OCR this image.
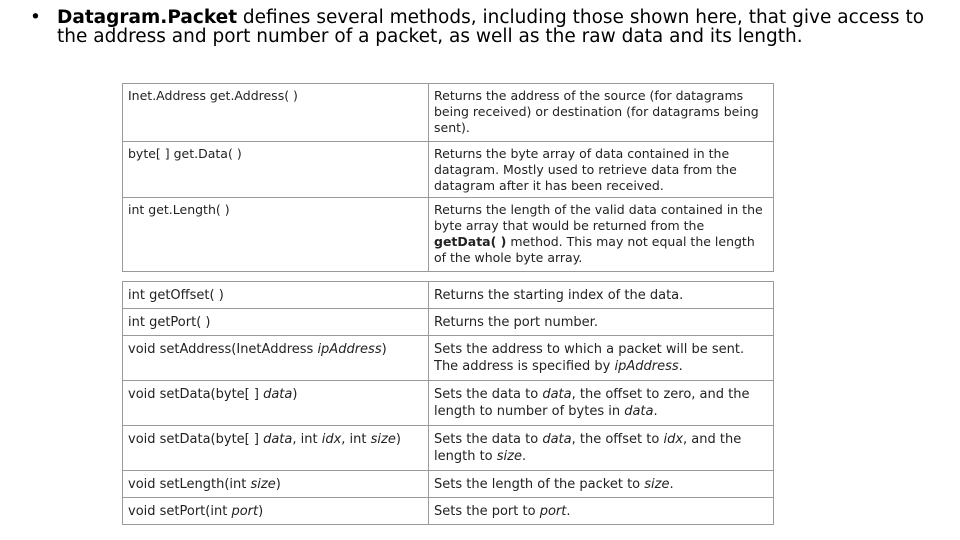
• Datagram.Packet defines several methods, including those shown here, that give access to the address and port number of a packet, as well as the raw data and its length.
Inet.Address get.Address( )	Returns the address of the source (for datagrams being received) or destination (for datagrams being sent).
byte[ ] get.Data( )	Returns the byte array of data contained in the datagram. Mostly used to retrieve data from the datagram after it has been received.
int get.Length( )	Returns the length of the valid data contained in the byte array that would be returned from the getData( ) method. This may not equal the length of the whole byte array.
int getOffset( )	Returns the starting index of the data.
int getPort( )	Returns the port number.
void setAddress(InetAddress ipAddress)	Sets the address to which a packet will be sent. The address is specified by ipAddress.
void setData(byte[ ] data)	Sets the data to data, the offset to zero, and the length to number of bytes in data.
void setData(byte[ ] data, int idx, int size)	Sets the data to data, the offset to idx, and the length to size.
void setLength(int size)	Sets the length of the packet to size.
void setPort(int port)	Sets the port to port.
